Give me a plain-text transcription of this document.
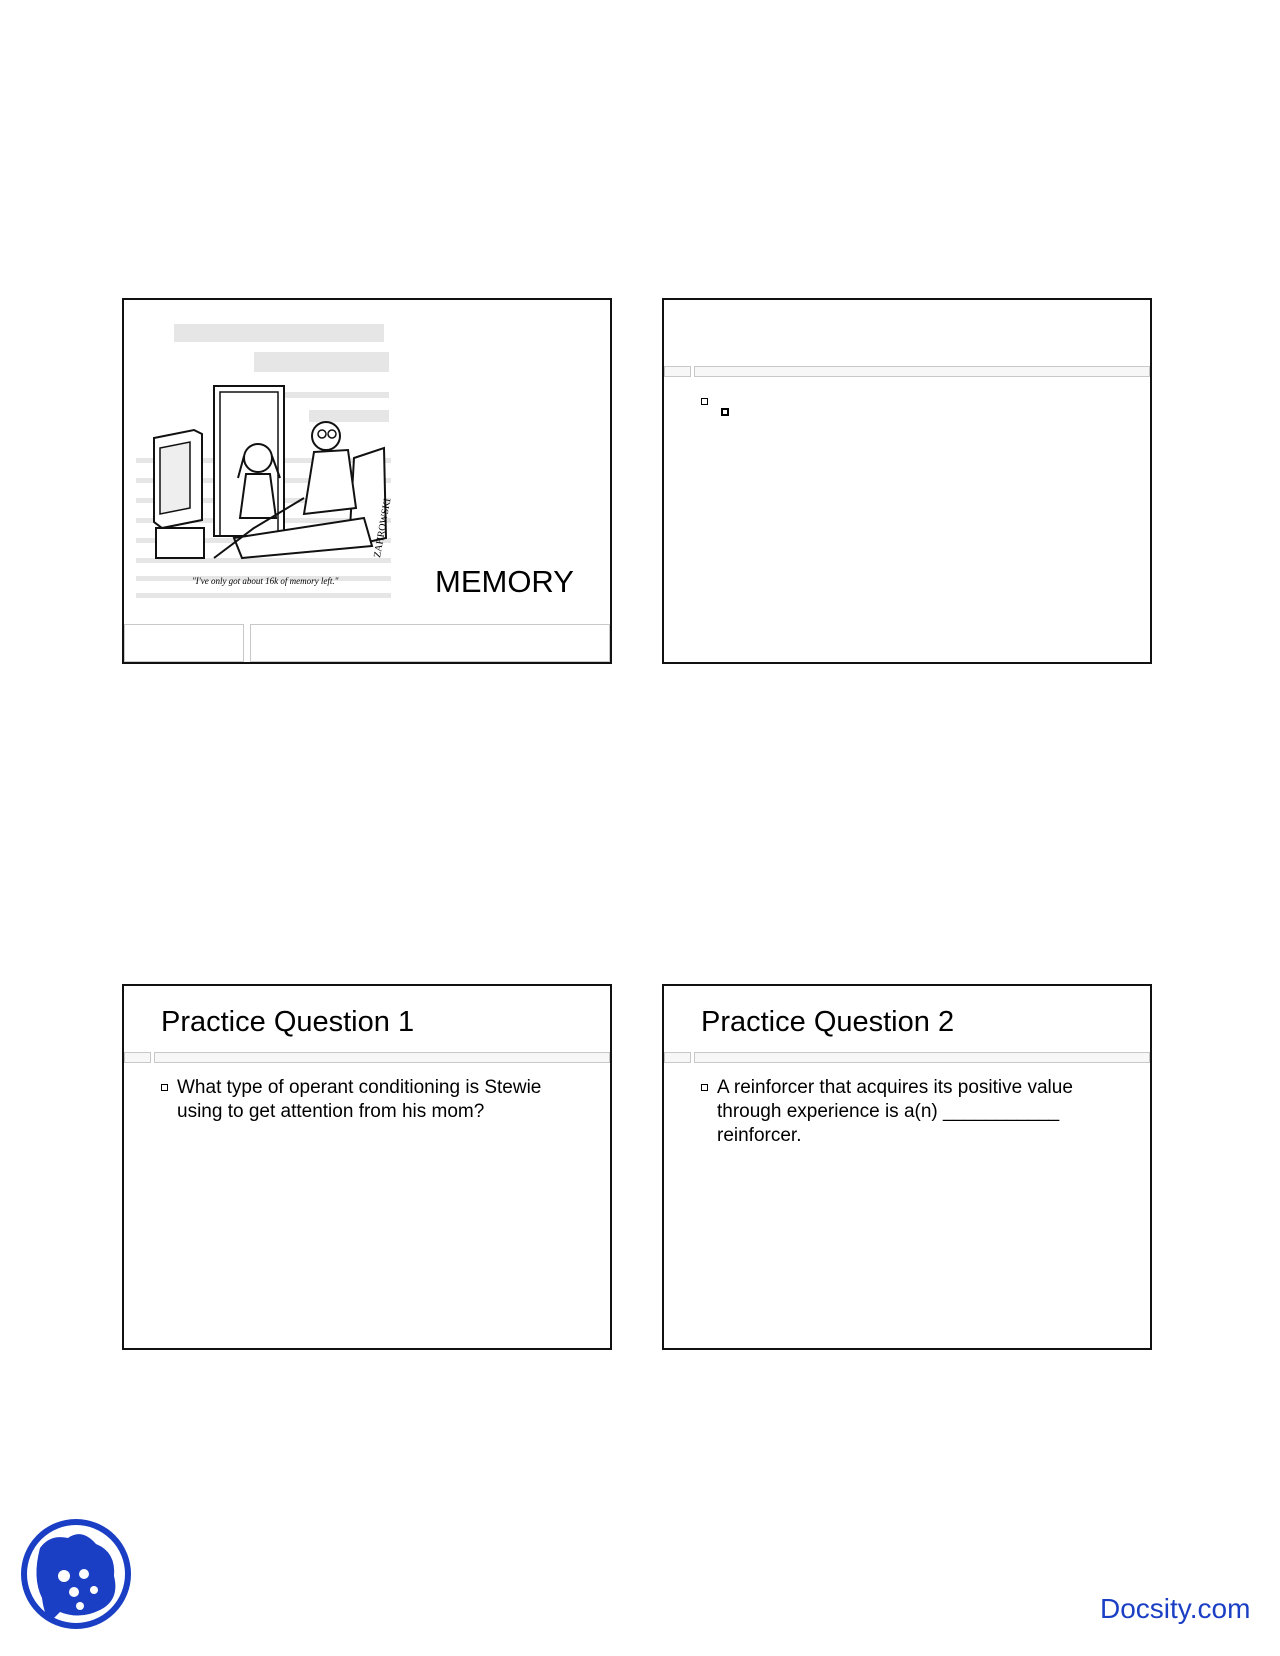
ZAHROWSKI
"I've only got about 16k of memory left."	MEMORY
Practice Question 1
What type of operant conditioning is Stewie using to get attention from his mom?
Practice Question 2
A reinforcer that acquires its positive value through experience is a(n) ___________ reinforcer.
Docsity.com
